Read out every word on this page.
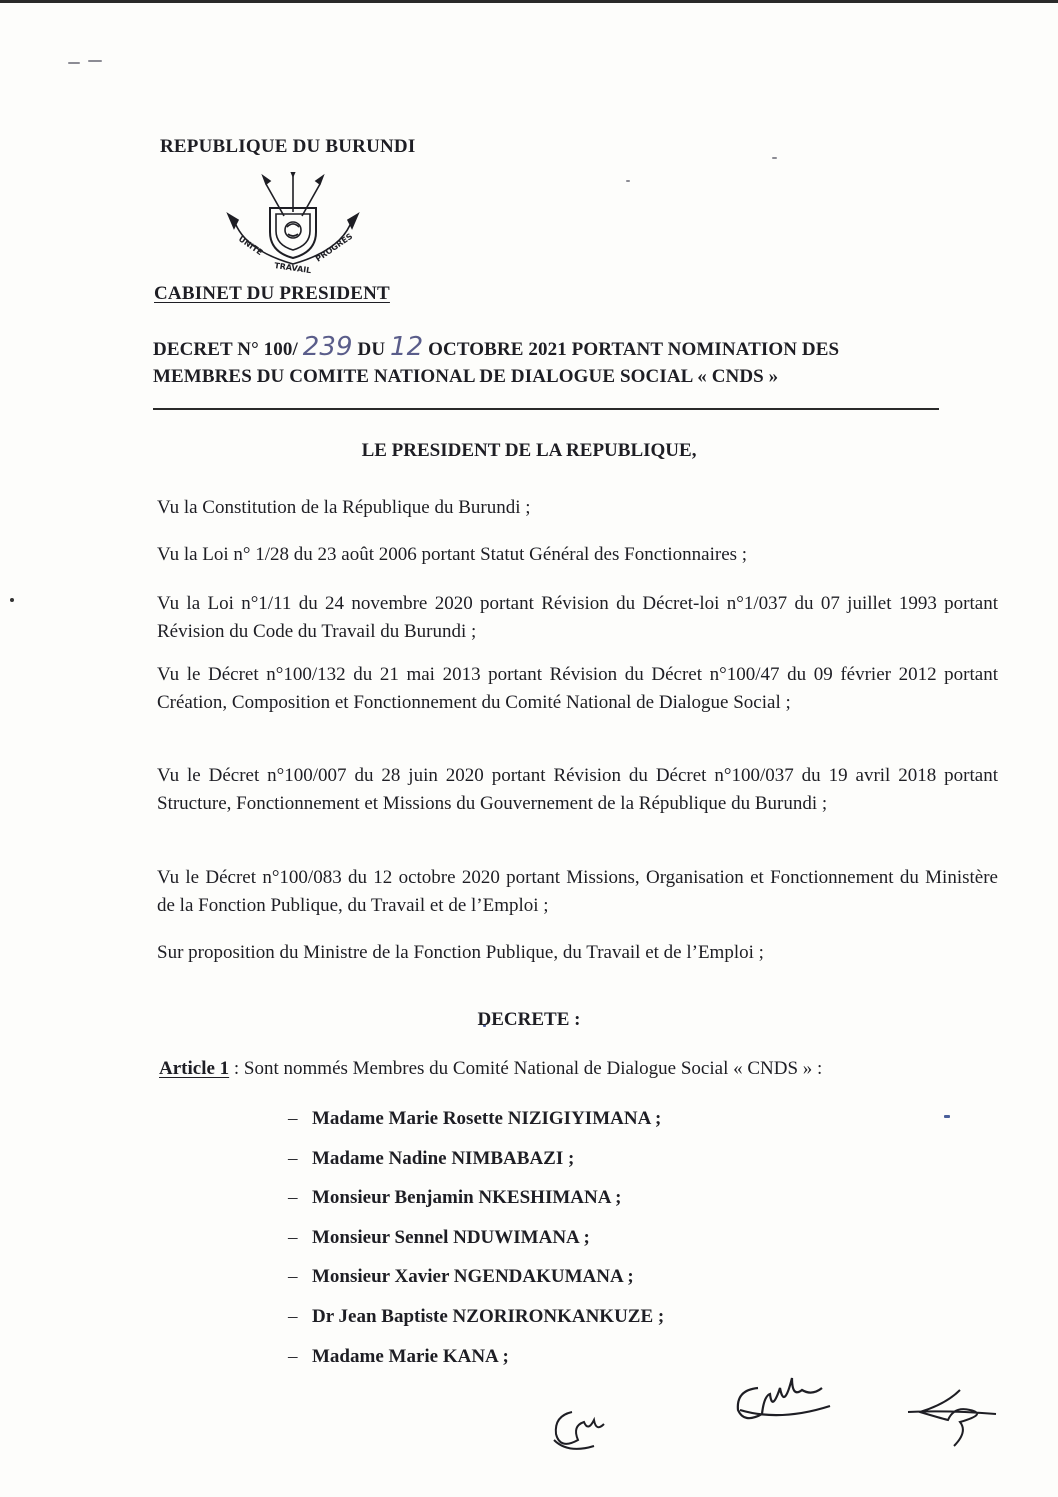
REPUBLIQUE DU BURUNDI
UNITE
TRAVAIL
PROGRES
CABINET DU PRESIDENT
DECRET N° 100/ 239 DU 12 OCTOBRE 2021 PORTANT NOMINATION DES
MEMBRES DU COMITE NATIONAL DE DIALOGUE SOCIAL « CNDS »
LE PRESIDENT DE LA REPUBLIQUE,

Vu la Constitution de la République du Burundi ;

Vu la Loi n° 1/28 du 23 août 2006 portant Statut Général des Fonctionnaires ;

Vu la Loi n°1/11 du 24 novembre 2020 portant Révision du Décret-loi n°1/037 du 07 juillet 1993 portant Révision du Code du Travail du Burundi ;

Vu le Décret n°100/132 du 21 mai 2013 portant Révision du Décret n°100/47 du 09 février 2012 portant Création, Composition et Fonctionnement du Comité National de Dialogue Social ;

Vu le Décret n°100/007 du 28 juin 2020 portant Révision du Décret n°100/037 du 19 avril 2018 portant Structure, Fonctionnement et Missions du Gouvernement de la République du Burundi ;

Vu le Décret n°100/083 du 12 octobre 2020 portant Missions, Organisation et Fonctionnement du Ministère de la Fonction Publique, du Travail et de l’Emploi ;

Sur proposition du Ministre de la Fonction Publique, du Travail et de l’Emploi ;

DECRETE :
Article 1 : Sont nommés Membres du Comité National de Dialogue Social « CNDS » :
– Madame Marie Rosette NIZIGIYIMANA ;
– Madame Nadine NIMBABAZI ;
– Monsieur Benjamin NKESHIMANA ;
– Monsieur Sennel NDUWIMANA ;
– Monsieur Xavier NGENDAKUMANA ;
– Dr Jean Baptiste NZORIRONKANKUZE ;
– Madame Marie KANA ;
